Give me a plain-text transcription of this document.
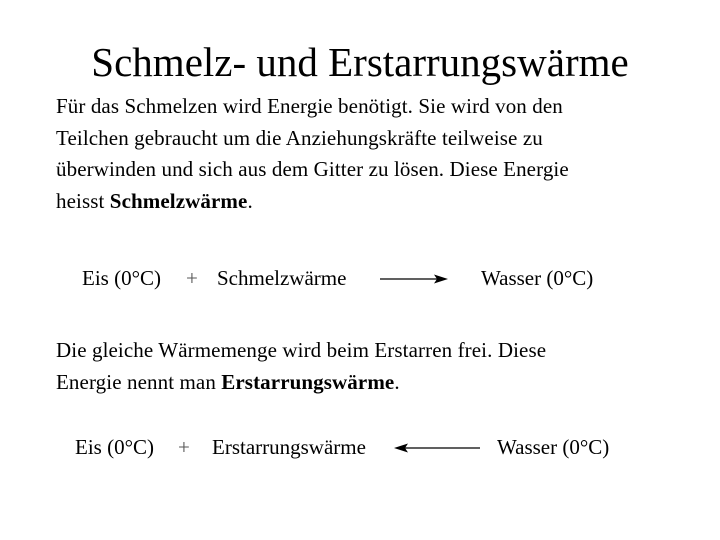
Schmelz- und Erstarrungswärme
Für das Schmelzen wird Energie benötigt. Sie wird von den
Teilchen gebraucht um die Anziehungskräfte teilweise zu
überwinden und sich aus dem Gitter zu lösen. Diese Energie
heisst Schmelzwärme.
Eis (0°C) + Schmelzwärme	Wasser (0°C)
Die gleiche Wärmemenge wird beim Erstarren frei. Diese
Energie nennt man Erstarrungswärme.
Eis (0°C) + Erstarrungswärme	Wasser (0°C)
